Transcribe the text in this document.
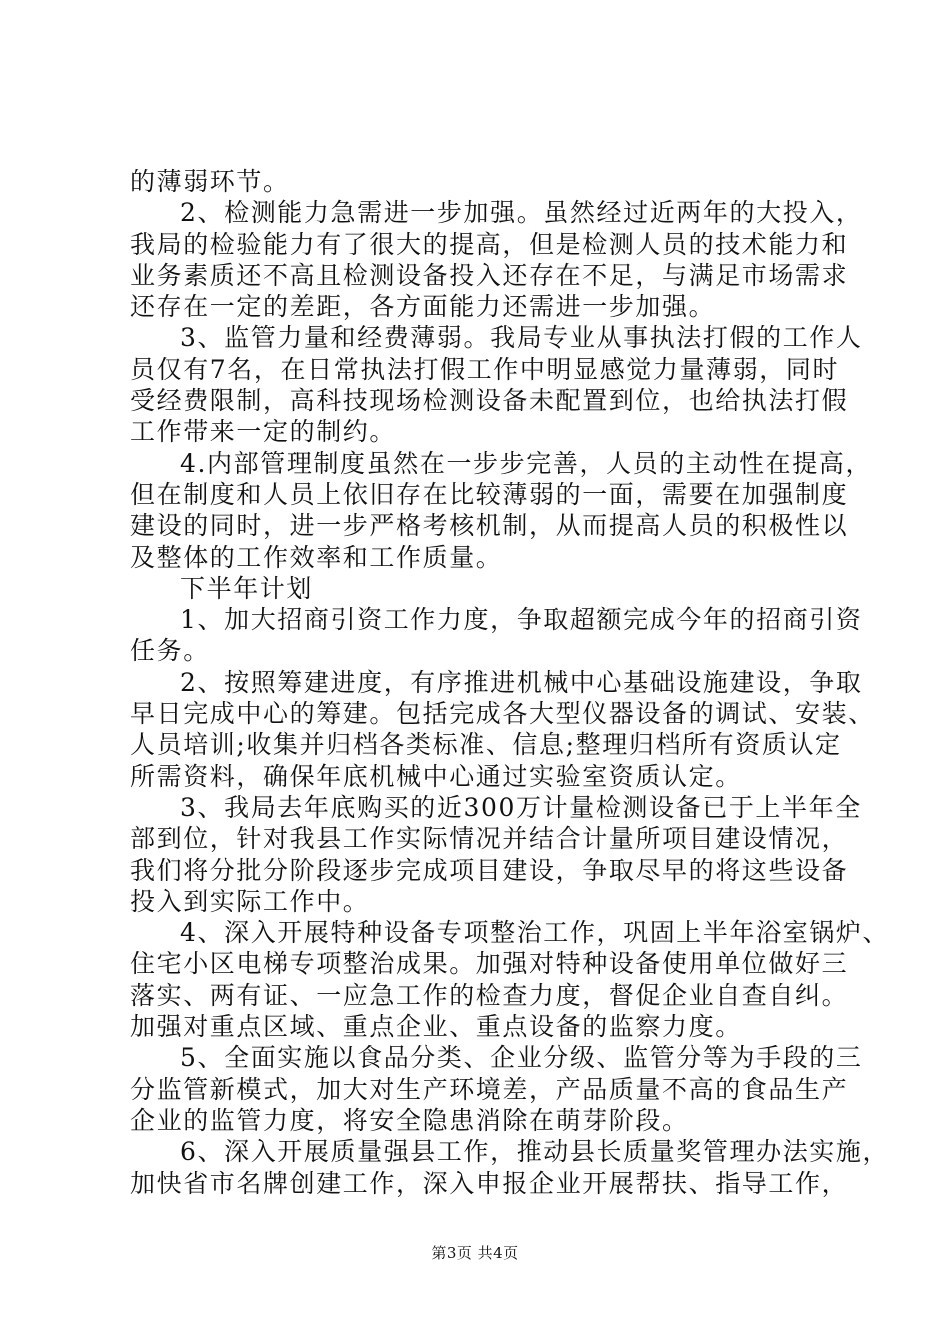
的薄弱环节。
2、检测能力急需进一步加强。虽然经过近两年的大投入，
我局的检验能力有了很大的提高，但是检测人员的技术能力和
业务素质还不高且检测设备投入还存在不足，与满足市场需求
还存在一定的差距，各方面能力还需进一步加强。
3、监管力量和经费薄弱。我局专业从事执法打假的工作人
员仅有7名，在日常执法打假工作中明显感觉力量薄弱，同时
受经费限制，高科技现场检测设备未配置到位，也给执法打假
工作带来一定的制约。
4.内部管理制度虽然在一步步完善，人员的主动性在提高，
但在制度和人员上依旧存在比较薄弱的一面，需要在加强制度
建设的同时，进一步严格考核机制，从而提高人员的积极性以
及整体的工作效率和工作质量。
下半年计划
1、加大招商引资工作力度，争取超额完成今年的招商引资
任务。
2、按照筹建进度，有序推进机械中心基础设施建设，争取
早日完成中心的筹建。包括完成各大型仪器设备的调试、安装、
人员培训;收集并归档各类标准、信息;整理归档所有资质认定
所需资料，确保年底机械中心通过实验室资质认定。
3、我局去年底购买的近300万计量检测设备已于上半年全
部到位，针对我县工作实际情况并结合计量所项目建设情况，
我们将分批分阶段逐步完成项目建设，争取尽早的将这些设备
投入到实际工作中。
4、深入开展特种设备专项整治工作，巩固上半年浴室锅炉、
住宅小区电梯专项整治成果。加强对特种设备使用单位做好三
落实、两有证、一应急工作的检查力度，督促企业自查自纠。
加强对重点区域、重点企业、重点设备的监察力度。
5、全面实施以食品分类、企业分级、监管分等为手段的三
分监管新模式，加大对生产环境差，产品质量不高的食品生产
企业的监管力度，将安全隐患消除在萌芽阶段。
6、深入开展质量强县工作，推动县长质量奖管理办法实施，
加快省市名牌创建工作，深入申报企业开展帮扶、指导工作，
第3页 共4页
